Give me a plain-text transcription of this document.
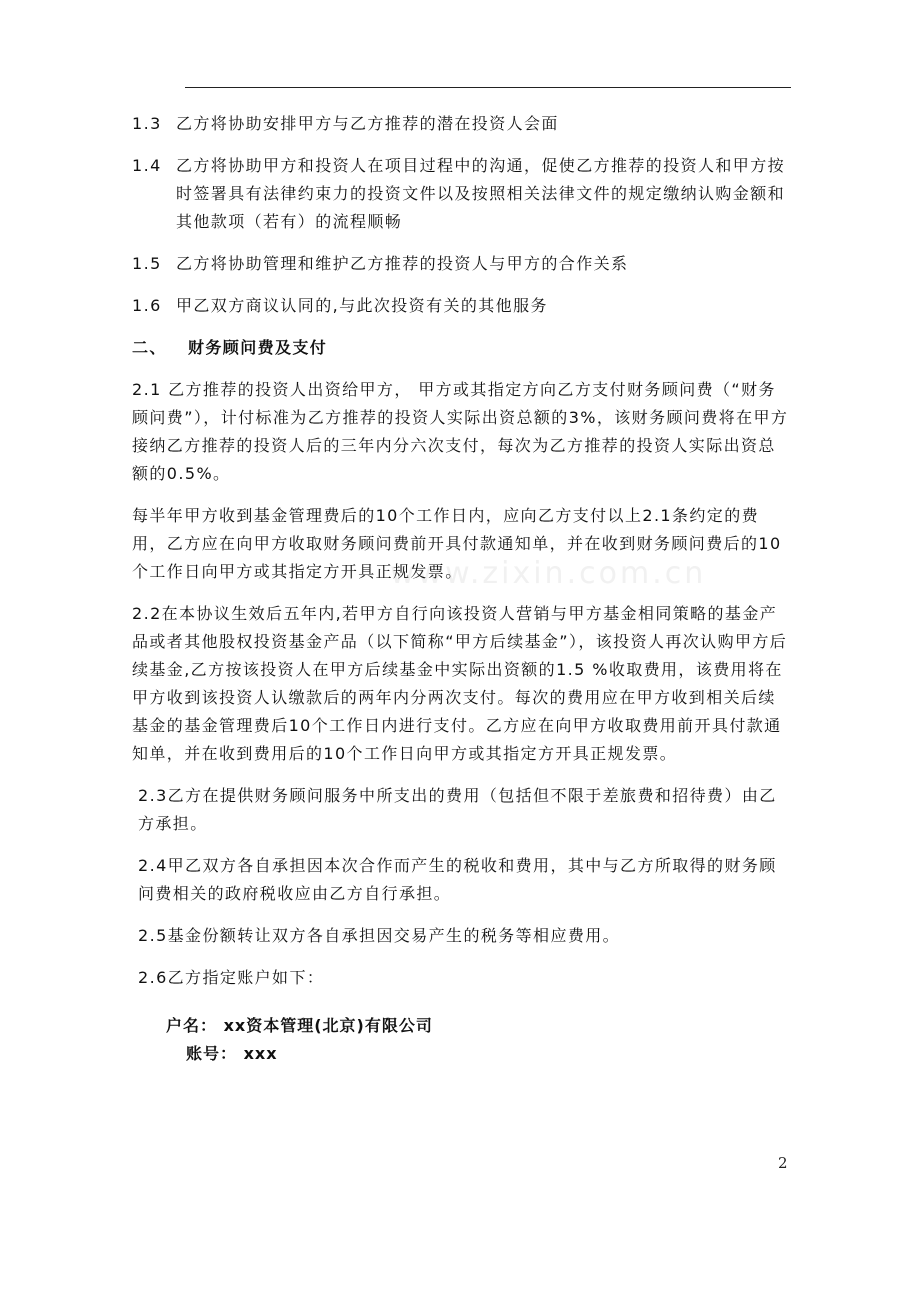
www.zixin.com.cn
1.3 乙方将协助安排甲方与乙方推荐的潜在投资人会面
1.4 乙方将协助甲方和投资人在项目过程中的沟通，促使乙方推荐的投资人和甲方按时签署具有法律约束力的投资文件以及按照相关法律文件的规定缴纳认购金额和其他款项（若有）的流程顺畅
1.5 乙方将协助管理和维护乙方推荐的投资人与甲方的合作关系
1.6 甲乙双方商议认同的,与此次投资有关的其他服务
二、 财务顾问费及支付
2.1 乙方推荐的投资人出资给甲方， 甲方或其指定方向乙方支付财务顾问费（“财务顾问费”），计付标准为乙方推荐的投资人实际出资总额的3%，该财务顾问费将在甲方接纳乙方推荐的投资人后的三年内分六次支付，每次为乙方推荐的投资人实际出资总额的0.5%。
每半年甲方收到基金管理费后的10个工作日内，应向乙方支付以上2.1条约定的费用，乙方应在向甲方收取财务顾问费前开具付款通知单，并在收到财务顾问费后的10个工作日向甲方或其指定方开具正规发票。
2.2在本协议生效后五年内,若甲方自行向该投资人营销与甲方基金相同策略的基金产品或者其他股权投资基金产品（以下简称“甲方后续基金”），该投资人再次认购甲方后续基金,乙方按该投资人在甲方后续基金中实际出资额的1.5 %收取费用，该费用将在甲方收到该投资人认缴款后的两年内分两次支付。每次的费用应在甲方收到相关后续基金的基金管理费后10个工作日内进行支付。乙方应在向甲方收取费用前开具付款通知单，并在收到费用后的10个工作日向甲方或其指定方开具正规发票。
2.3乙方在提供财务顾问服务中所支出的费用（包括但不限于差旅费和招待费）由乙方承担。
2.4甲乙双方各自承担因本次合作而产生的税收和费用，其中与乙方所取得的财务顾问费相关的政府税收应由乙方自行承担。
2.5基金份额转让双方各自承担因交易产生的税务等相应费用。
2.6乙方指定账户如下：
户名： xx资本管理(北京)有限公司
账号： xxx
2
